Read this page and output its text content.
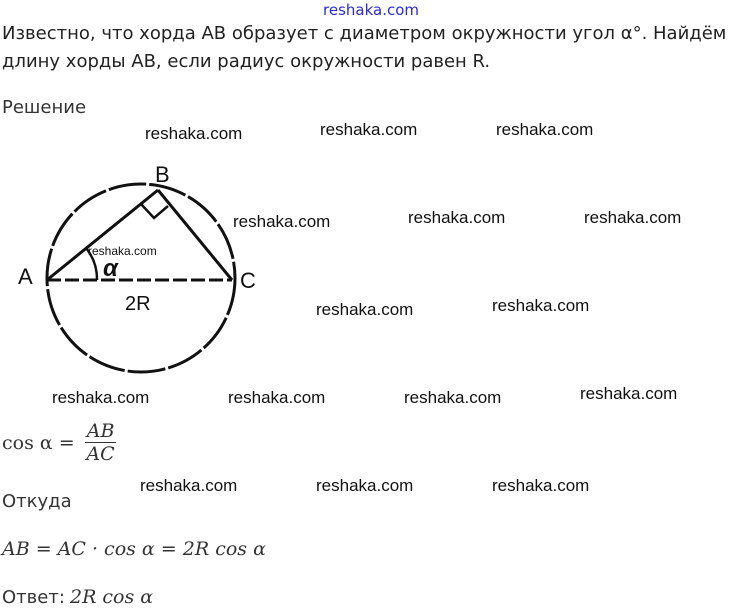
reshaka.com
Известно, что хорда AB образует с диаметром окружности угол α°. Найдём длину хорды AB, если радиус окружности равен R.
Решение
reshaka.com	reshaka.com	reshaka.com
reshaka.com	reshaka.com	reshaka.com
reshaka.com	reshaka.com
reshaka.com	reshaka.com	reshaka.com	reshaka.com
reshaka.com	reshaka.com	reshaka.com
A
B
C
α
2R
reshaka.com
$\cos \alpha = \frac{AB}{AC}$
Откуда
AB = AC · cos α = 2R cos α
Ответ: 2R cos α
